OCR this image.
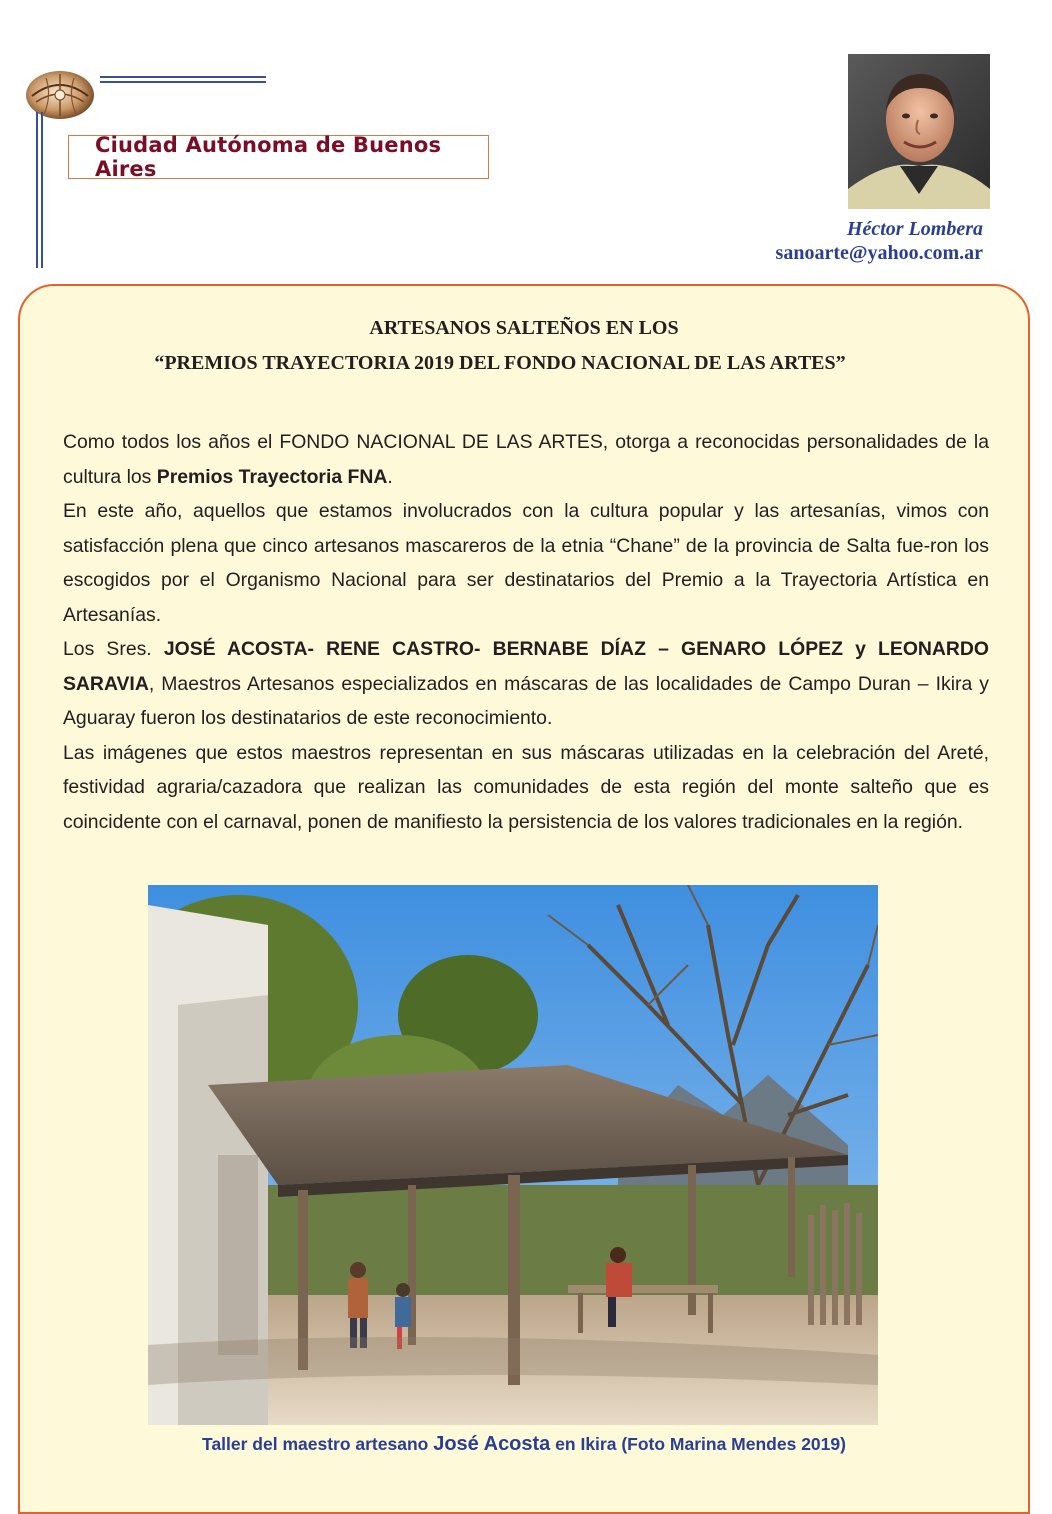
Ciudad Autónoma de Buenos Aires
Héctor Lombera
sanoarte@yahoo.com.ar
ARTESANOS SALTEÑOS EN LOS
“PREMIOS TRAYECTORIA 2019 DEL FONDO NACIONAL DE LAS ARTES”

Como todos los años el FONDO NACIONAL DE LAS ARTES, otorga a reconocidas personalidades de la cultura los Premios Trayectoria FNA.

En este año, aquellos que estamos involucrados con la cultura popular y las artesanías, vimos con satisfacción plena que cinco artesanos mascareros de la etnia “Chane” de la provincia de Salta fue-ron los escogidos por el Organismo Nacional para ser destinatarios del Premio a la Trayectoria Artística en Artesanías.

Los Sres. JOSÉ ACOSTA- RENE CASTRO- BERNABE DÍAZ – GENARO LÓPEZ y LEONARDO SARAVIA, Maestros Artesanos especializados en máscaras de las localidades de Campo Duran – Ikira y Aguaray fueron los destinatarios de este reconocimiento.

Las imágenes que estos maestros representan en sus máscaras utilizadas en la celebración del Areté, festividad agraria/cazadora que realizan las comunidades de esta región del monte salteño que es coincidente con el carnaval, ponen de manifiesto la persistencia de los valores tradicionales en la región.

Taller del maestro artesano José Acosta en Ikira (Foto Marina Mendes 2019)
